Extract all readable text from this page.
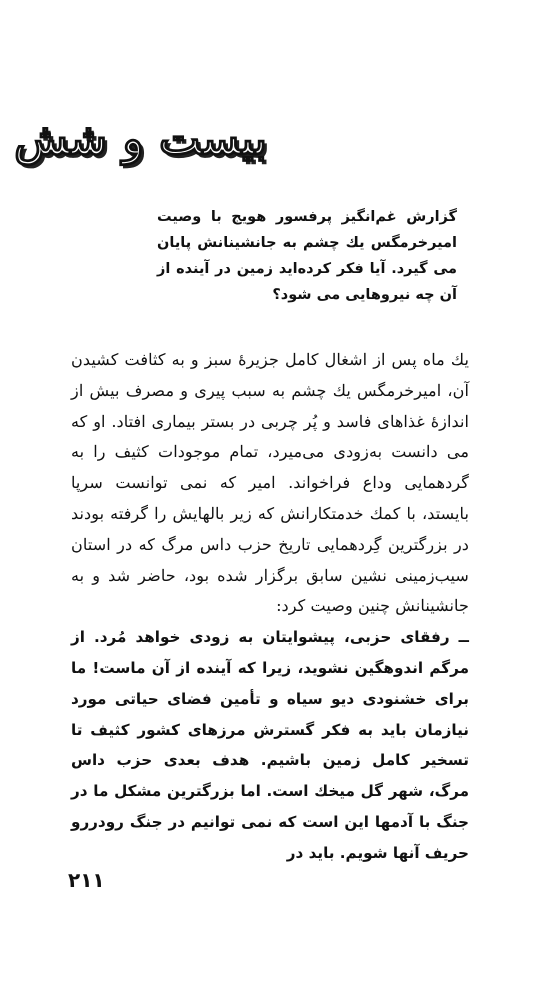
بیست و شش

گزارش غم‌انگیز پرفسور هویج با وصیت امیرخرمگس یك چشم به جانشینانش پایان می گیرد. آیا فکر کرده‌اید زمین در آینده از آن چه نیروهایی می شود؟

یك ماه پس از اشغال کامل جزیرهٔ سبز و به کثافت کشیدن آن، امیرخرمگس یك چشم به سبب پیری و مصرف بیش از اندازهٔ غذاهای فاسد و پُر چربی در بستر بیماری افتاد. او که می دانست به‌زودی می‌میرد، تمام موجودات کثیف را به گردهمایی وداع فراخواند. امیر که نمی توانست سرپا بایستد، با کمك خدمتکارانش که زیر بالهایش را گرفته بودند در بزرگترین گِردهمایی تاریخ حزب داس مرگ که در استان سیب‌زمینی نشین سابق برگزار شده بود، حاضر شد و به جانشینانش چنین وصیت کرد:

ــ رفقای حزبی، پیشوایتان به زودی خواهد مُرد. از مرگم اندوهگین نشوید، زیرا که آینده از آن ماست! ما برای خشنودی دیو سیاه و تأمین فضای حیاتی مورد نیازمان باید به فکر گسترش مرزهای کشور کثیف تا تسخیر کامل زمین باشیم. هدف بعدی حزب داس مرگ، شهر گل میخك است. اما بزرگترین مشکل ما در جنگ با آدمها این است که نمی توانیم در جنگ رودررو حریف آنها شویم. باید در

۲۱۱
